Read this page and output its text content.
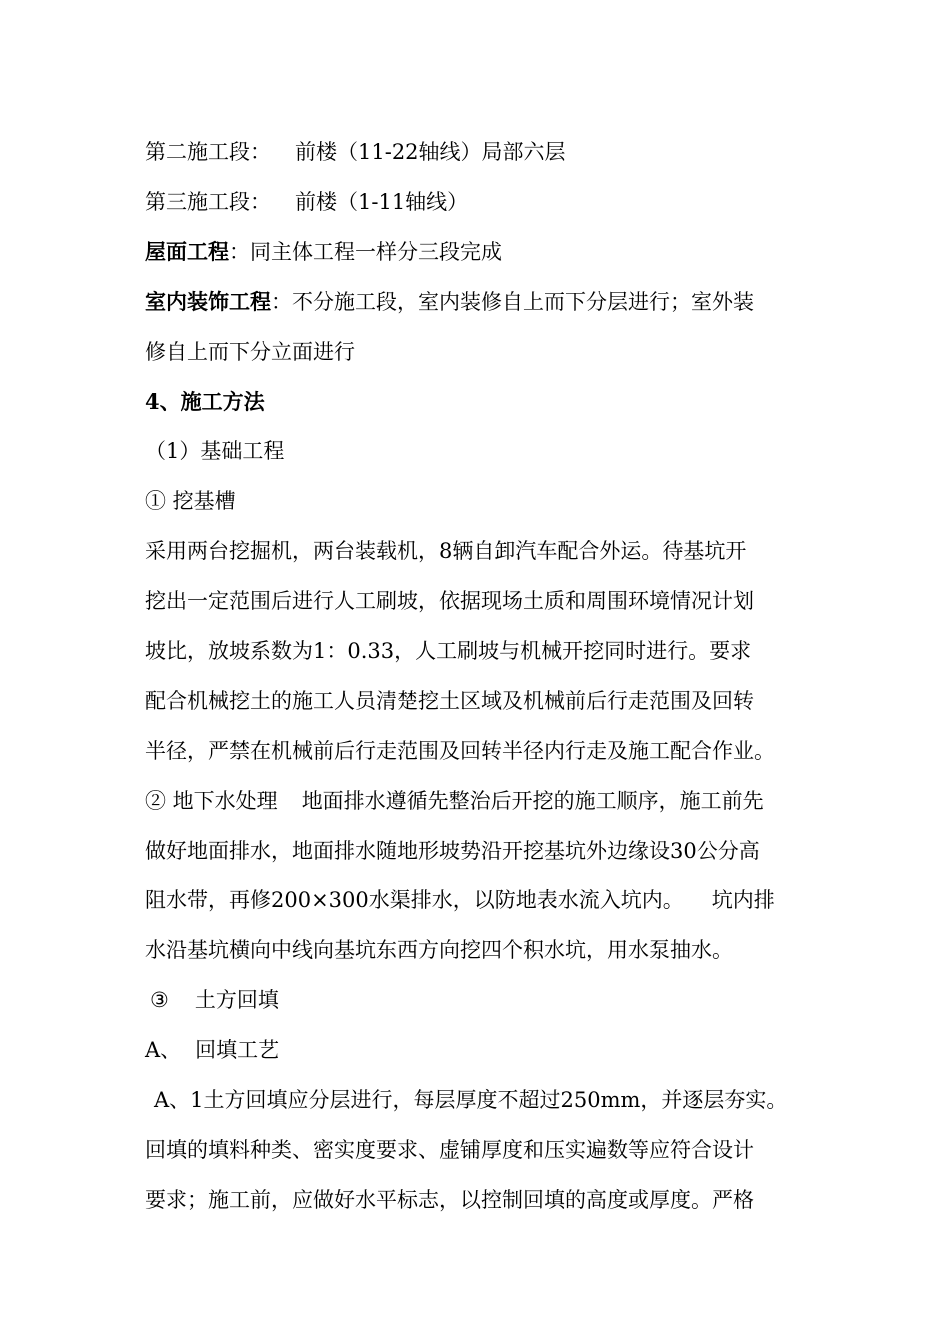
第二施工段： 前楼（11-22轴线）局部六层
第三施工段： 前楼（1-11轴线）
屋面工程：同主体工程一样分三段完成
室内装饰工程：不分施工段，室内装修自上而下分层进行；室外装
修自上而下分立面进行
4、施工方法
（1）基础工程
① 挖基槽
采用两台挖掘机，两台装载机，8辆自卸汽车配合外运。待基坑开
挖出一定范围后进行人工刷坡，依据现场土质和周围环境情况计划
坡比，放坡系数为1：0.33，人工刷坡与机械开挖同时进行。要求
配合机械挖土的施工人员清楚挖土区域及机械前后行走范围及回转
半径，严禁在机械前后行走范围及回转半径内行走及施工配合作业。
② 地下水处理 地面排水遵循先整治后开挖的施工顺序，施工前先
做好地面排水，地面排水随地形坡势沿开挖基坑外边缘设30公分高
阻水带，再修200×300水渠排水，以防地表水流入坑内。 坑内排
水沿基坑横向中线向基坑东西方向挖四个积水坑，用水泵抽水。
③ 土方回填
A、 回填工艺
A、1土方回填应分层进行，每层厚度不超过250mm，并逐层夯实。
回填的填料种类、密实度要求、虚铺厚度和压实遍数等应符合设计
要求；施工前，应做好水平标志，以控制回填的高度或厚度。严格
